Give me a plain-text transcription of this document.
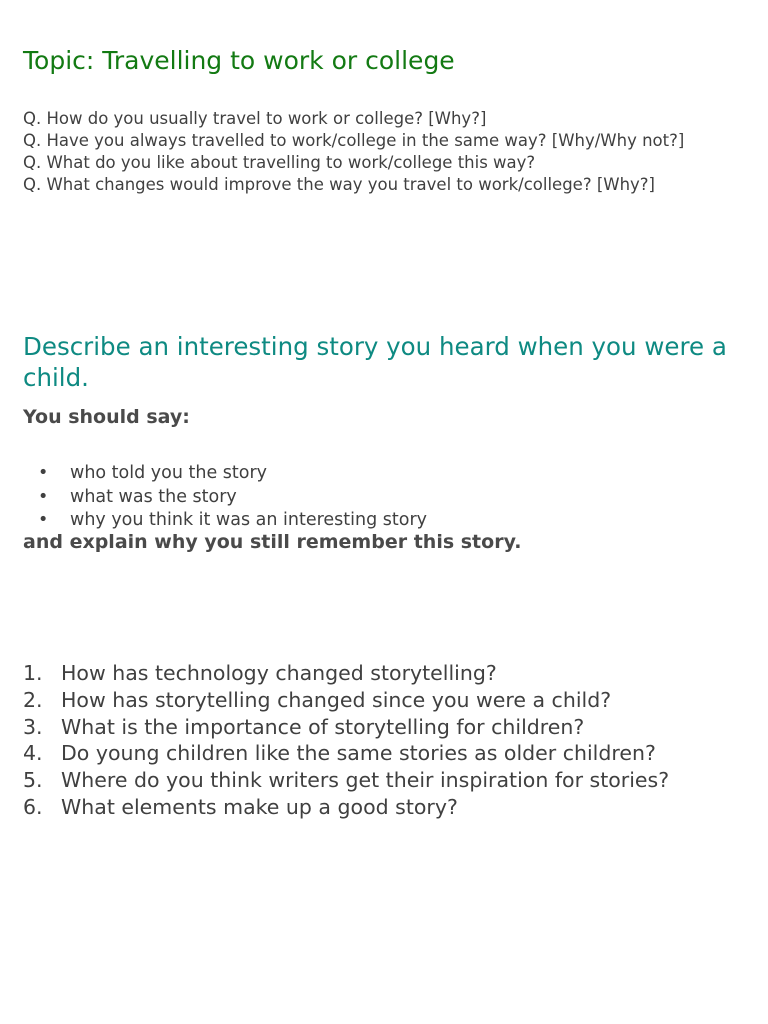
Topic: Travelling to work or college
Q. How do you usually travel to work or college? [Why?]
Q. Have you always travelled to work/college in the same way? [Why/Why not?]
Q. What do you like about travelling to work/college this way?
Q. What changes would improve the way you travel to work/college? [Why?]
Describe an interesting story you heard when you were a child.

You should say:

• who told you the story
• what was the story
• why you think it was an interesting story

and explain why you still remember this story.

1. How has technology changed storytelling?
2. How has storytelling changed since you were a child?
3. What is the importance of storytelling for children?
4. Do young children like the same stories as older children?
5. Where do you think writers get their inspiration for stories?
6. What elements make up a good story?
